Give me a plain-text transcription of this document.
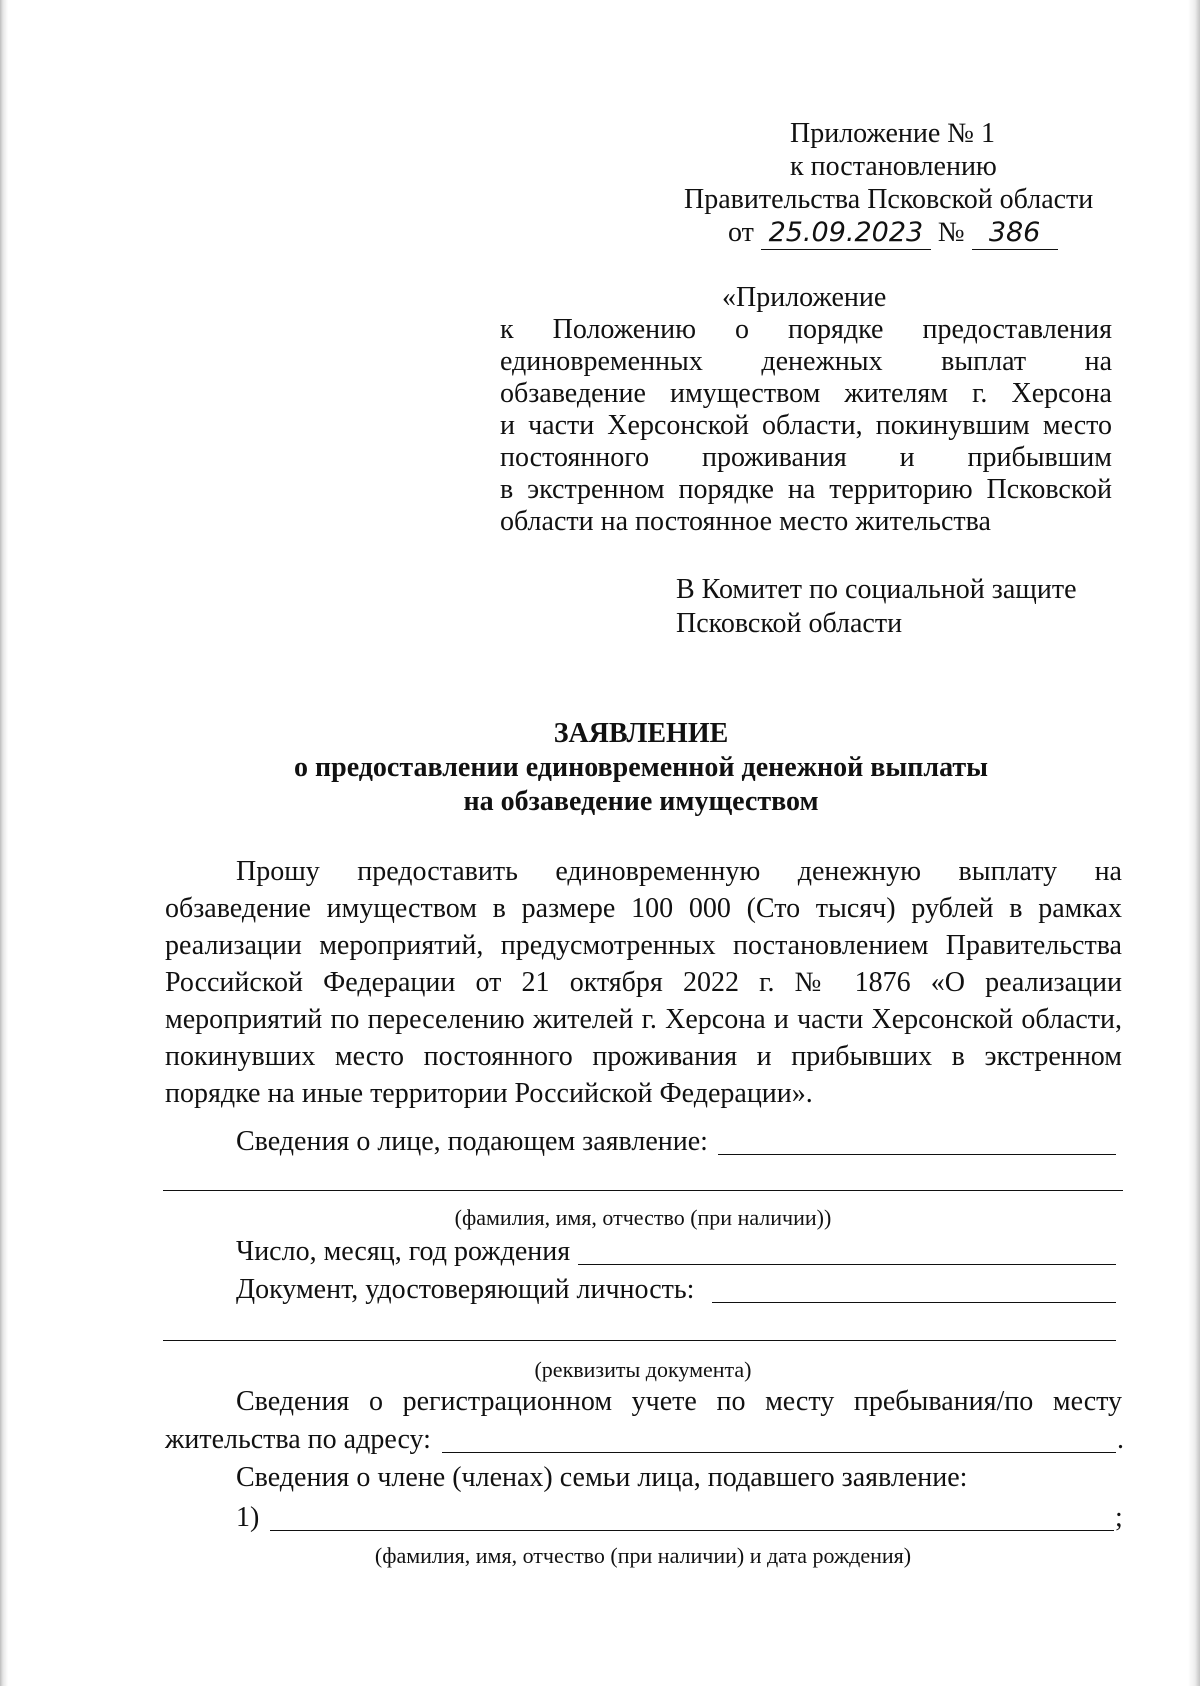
Приложение № 1
к постановлению
Правительства Псковской области
от 25.09.2023 № 386
«Приложение
к Положению о порядке предоставления
единовременных денежных выплат на
обзаведение имуществом жителям г. Херсона
и части Херсонской области, покинувшим место
постоянного проживания и прибывшим
в экстренном порядке на территорию Псковской
области на постоянное место жительства
В Комитет по социальной защите
Псковской области
ЗАЯВЛЕНИЕ
о предоставлении единовременной денежной выплаты
на обзаведение имуществом
Прошу предоставить единовременную денежную выплату на
обзаведение имуществом в размере 100 000 (Сто тысяч) рублей в рамках
реализации мероприятий, предусмотренных постановлением Правительства
Российской Федерации от 21 октября 2022 г. № 1876 «О реализации
мероприятий по переселению жителей г. Херсона и части Херсонской области,
покинувших место постоянного проживания и прибывших в экстренном
порядке на иные территории Российской Федерации».
Сведения о лице, подающем заявление:
(фамилия, имя, отчество (при наличии))
Число, месяц, год рождения
Документ, удостоверяющий личность:
(реквизиты документа)
Сведения о регистрационном учете по месту пребывания/по месту
жительства по адресу:	.
Сведения о члене (членах) семьи лица, подавшего заявление:
1)	;
(фамилия, имя, отчество (при наличии) и дата рождения)
